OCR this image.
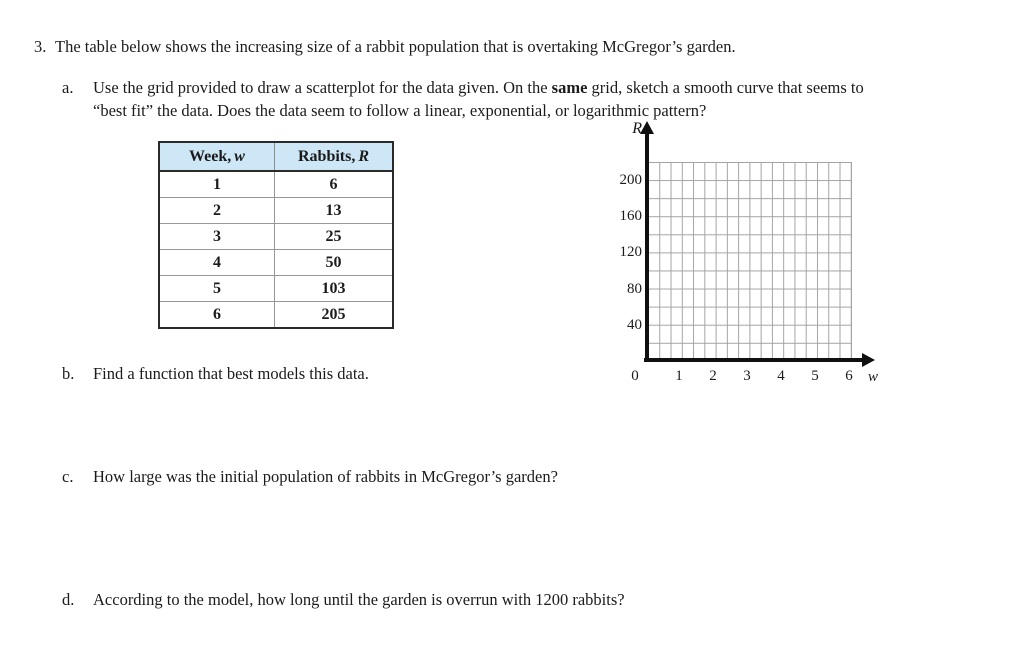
3. The table below shows the increasing size of a rabbit population that is overtaking McGregor’s garden.
a. Use the grid provided to draw a scatterplot for the data given. On the same grid, sketch a smooth curve that seems to
“best fit” the data. Does the data seem to follow a linear, exponential, or logarithmic pattern?
Week, w	Rabbits, R
1	6
2	13
3	25
4	50
5	103
6	205
R
w
0	1	2	3	4	5	6
40
80
120
160
200
b. Find a function that best models this data.
c. How large was the initial population of rabbits in McGregor’s garden?
d. According to the model, how long until the garden is overrun with 1200 rabbits?
